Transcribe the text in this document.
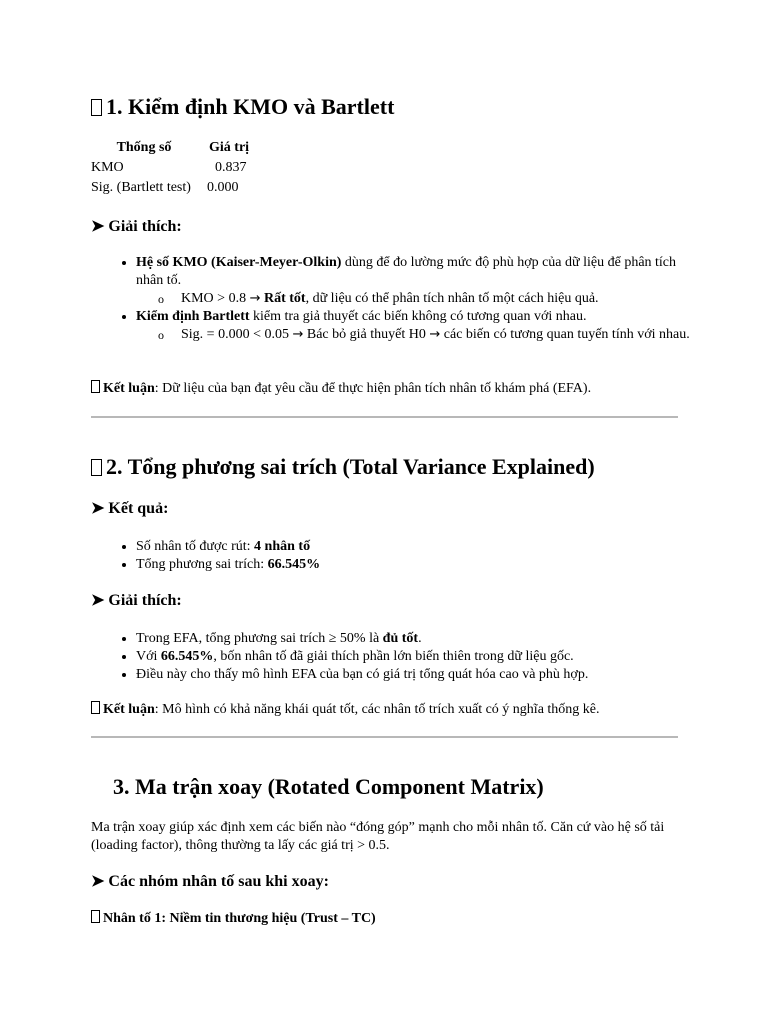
1. Kiểm định KMO và Bartlett
Thống số	Giá trị
KMO	0.837
Sig. (Bartlett test)	0.000
➤ Giải thích:
• Hệ số KMO (Kaiser-Meyer-Olkin) dùng để đo lường mức độ phù hợp của dữ liệu để phân tích nhân tố.
o KMO > 0.8 → Rất tốt, dữ liệu có thể phân tích nhân tố một cách hiệu quả.
• Kiểm định Bartlett kiểm tra giả thuyết các biến không có tương quan với nhau.
o Sig. = 0.000 < 0.05 → Bác bỏ giả thuyết H0 → các biến có tương quan tuyến tính với nhau.
Kết luận: Dữ liệu của bạn đạt yêu cầu để thực hiện phân tích nhân tố khám phá (EFA).
2. Tổng phương sai trích (Total Variance Explained)
➤ Kết quả:
• Số nhân tố được rút: 4 nhân tố
• Tổng phương sai trích: 66.545%
➤ Giải thích:
• Trong EFA, tổng phương sai trích ≥ 50% là đủ tốt.
• Với 66.545%, bốn nhân tố đã giải thích phần lớn biến thiên trong dữ liệu gốc.
• Điều này cho thấy mô hình EFA của bạn có giá trị tổng quát hóa cao và phù hợp.
Kết luận: Mô hình có khả năng khái quát tốt, các nhân tố trích xuất có ý nghĩa thống kê.
3. Ma trận xoay (Rotated Component Matrix)
Ma trận xoay giúp xác định xem các biến nào “đóng góp” mạnh cho mỗi nhân tố. Căn cứ vào hệ số tải (loading factor), thông thường ta lấy các giá trị > 0.5.
➤ Các nhóm nhân tố sau khi xoay:
Nhân tố 1: Niềm tin thương hiệu (Trust – TC)
